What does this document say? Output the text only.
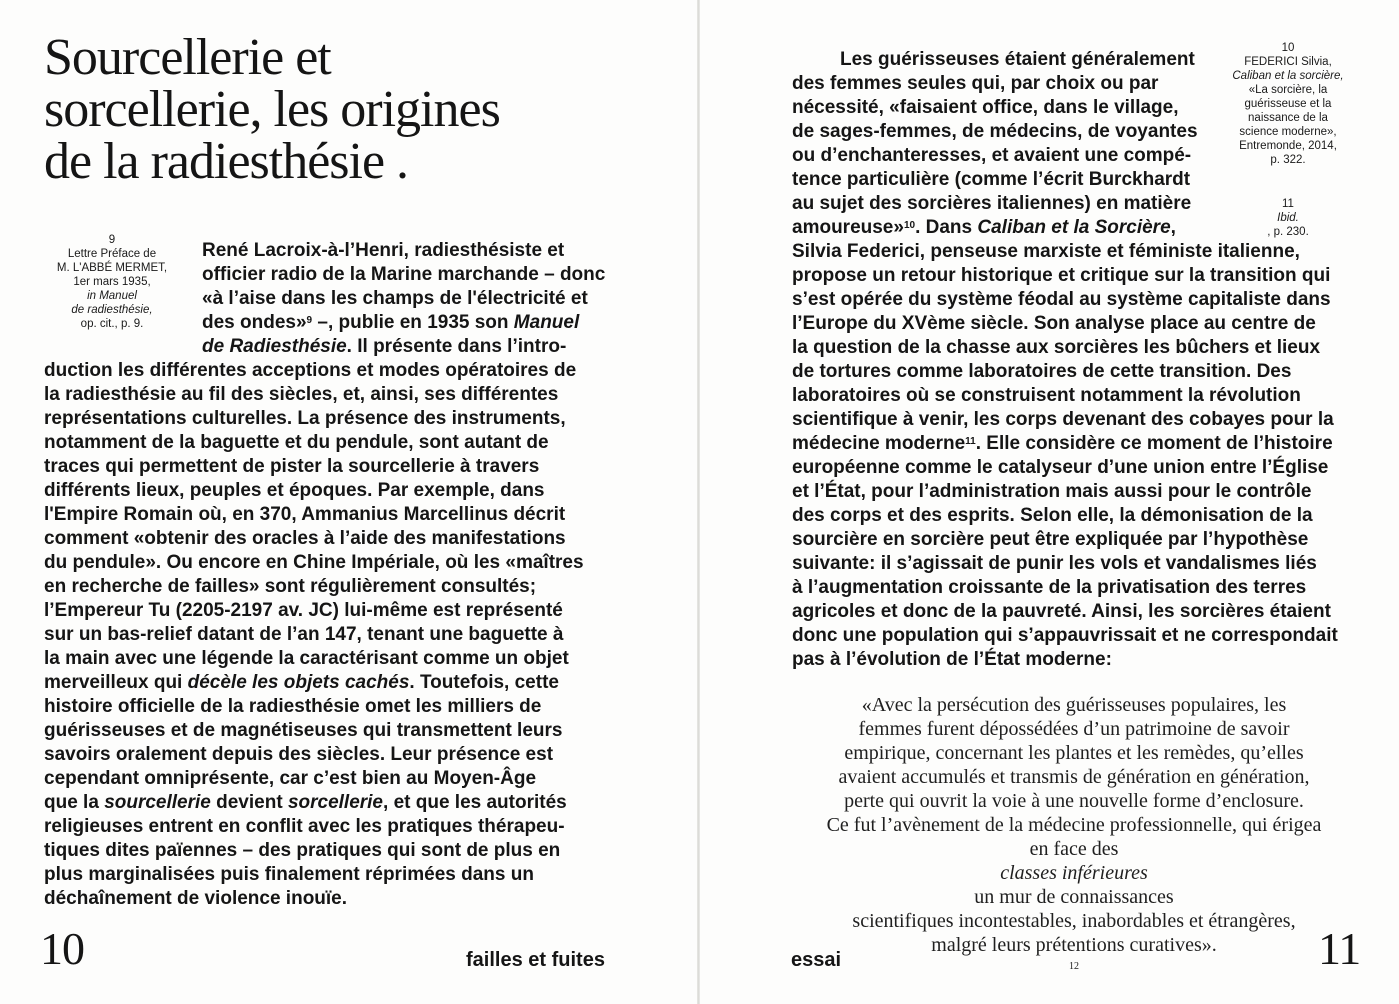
Sourcellerie et
sorcellerie, les origines
de la radiesthésie .
9
Lettre Préface de
M. L'ABBÉ MERMET,
1er mars 1935,
in Manuel
de radiesthésie,
op. cit., p. 9.
René Lacroix-à-l’Henri, radiesthésiste et
officier radio de la Marine marchande – donc
«à l’aise dans les champs de l'électricité et
des ondes»$^9$ –, publie en 1935 son Manuel
de Radiesthésie. Il présente dans l’intro-
duction les différentes acceptions et modes opératoires de
la radiesthésie au fil des siècles, et, ainsi, ses différentes
représentations culturelles. La présence des instruments,
notamment de la baguette et du pendule, sont autant de
traces qui permettent de pister la sourcellerie à travers
différents lieux, peuples et époques. Par exemple, dans
l'Empire Romain où, en 370, Ammanius Marcellinus décrit
comment «obtenir des oracles à l’aide des manifestations
du pendule». Ou encore en Chine Impériale, où les «maîtres
en recherche de failles» sont régulièrement consultés;
l’Empereur Tu (2205-2197 av. JC) lui-même est représenté
sur un bas-relief datant de l’an 147, tenant une baguette à
la main avec une légende la caractérisant comme un objet
merveilleux qui décèle les objets cachés. Toutefois, cette
histoire officielle de la radiesthésie omet les milliers de
guérisseuses et de magnétiseuses qui transmettent leurs
savoirs oralement depuis des siècles. Leur présence est
cependant omniprésente, car c’est bien au Moyen-Âge
que la sourcellerie devient sorcellerie, et que les autorités
religieuses entrent en conflit avec les pratiques thérapeu-
tiques dites païennes – des pratiques qui sont de plus en
plus marginalisées puis finalement réprimées dans un
déchaînement de violence inouïe.
10	failles et fuites
Les guérisseuses étaient généralement
des femmes seules qui, par choix ou par
nécessité, «faisaient office, dans le village,
de sages-femmes, de médecins, de voyantes
ou d’enchanteresses, et avaient une compé-
tence particulière (comme l’écrit Burckhardt
au sujet des sorcières italiennes) en matière
amoureuse»$^{10}$. Dans Caliban et la Sorcière,
Silvia Federici, penseuse marxiste et féministe italienne,
propose un retour historique et critique sur la transition qui
s’est opérée du système féodal au système capitaliste dans
l’Europe du XVème siècle. Son analyse place au centre de
la question de la chasse aux sorcières les bûchers et lieux
de tortures comme laboratoires de cette transition. Des
laboratoires où se construisent notamment la révolution
scientifique à venir, les corps devenant des cobayes pour la
médecine moderne$^{11}$. Elle considère ce moment de l’histoire
européenne comme le catalyseur d’une union entre l’Église
et l’État, pour l’administration mais aussi pour le contrôle
des corps et des esprits. Selon elle, la démonisation de la
sourcière en sorcière peut être expliquée par l’hypothèse
suivante: il s’agissait de punir les vols et vandalismes liés
à l’augmentation croissante de la privatisation des terres
agricoles et donc de la pauvreté. Ainsi, les sorcières étaient
donc une population qui s’appauvrissait et ne correspondait
pas à l’évolution de l’État moderne:
10
FEDERICI Silvia,
Caliban et la sorcière,
«La sorcière, la
guérisseuse et la
naissance de la
science moderne»,
Entremonde, 2014,
p. 322.
11
Ibid.
, p. 230.
«Avec la persécution des guérisseuses populaires, les
femmes furent dépossédées d’un patrimoine de savoir
empirique, concernant les plantes et les remèdes, qu’elles
avaient accumulés et transmis de génération en génération,
perte qui ouvrit la voie à une nouvelle forme d’enclosure.
Ce fut l’avènement de la médecine professionnelle, qui érigea
en face des
classes inférieures
un mur de connaissances
scientifiques incontestables, inabordables et étrangères,
malgré leurs prétentions curatives».
$^{12}$
essai	11
